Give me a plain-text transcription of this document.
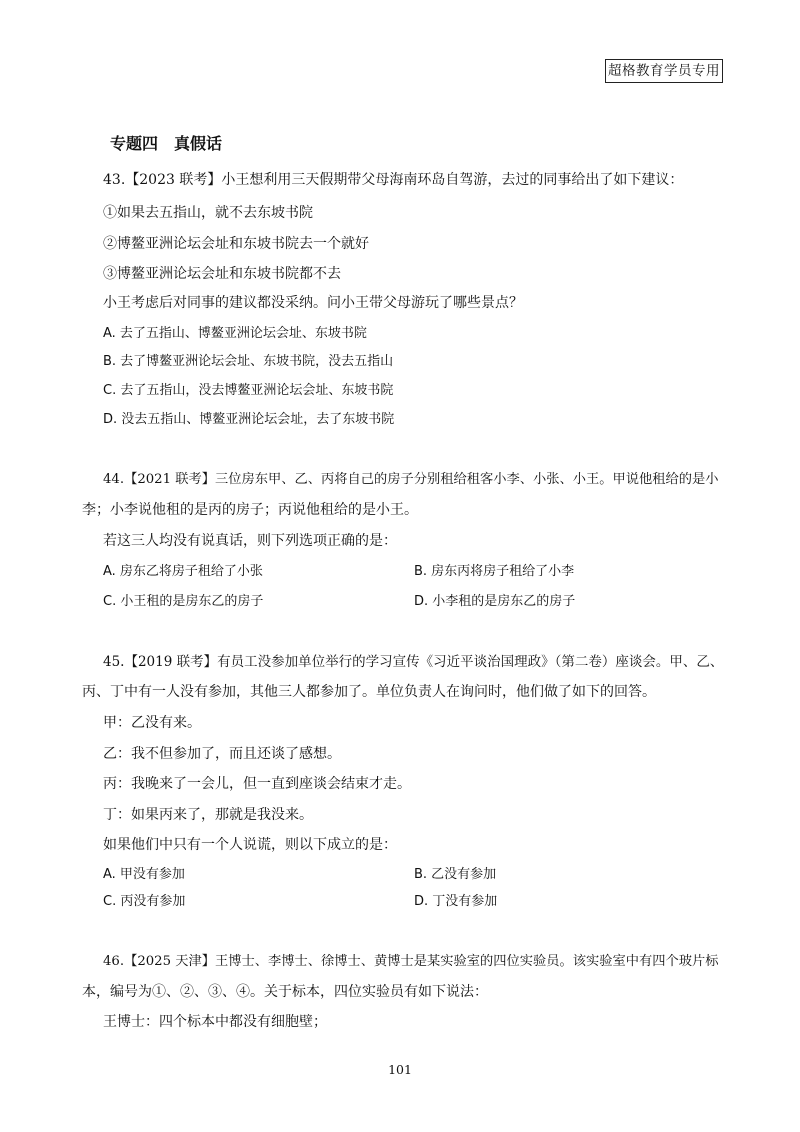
超格教育学员专用
专题四　真假话
43.【2023 联考】小王想利用三天假期带父母海南环岛自驾游，去过的同事给出了如下建议：
①如果去五指山，就不去东坡书院
②博鳌亚洲论坛会址和东坡书院去一个就好
③博鳌亚洲论坛会址和东坡书院都不去
小王考虑后对同事的建议都没采纳。问小王带父母游玩了哪些景点？
A. 去了五指山、博鳌亚洲论坛会址、东坡书院
B. 去了博鳌亚洲论坛会址、东坡书院，没去五指山
C. 去了五指山，没去博鳌亚洲论坛会址、东坡书院
D. 没去五指山、博鳌亚洲论坛会址，去了东坡书院
44.【2021 联考】三位房东甲、乙、丙将自己的房子分别租给租客小李、小张、小王。甲说他租给的是小
李；小李说他租的是丙的房子；丙说他租给的是小王。
若这三人均没有说真话，则下列选项正确的是：
A. 房东乙将房子租给了小张	B. 房东丙将房子租给了小李
C. 小王租的是房东乙的房子	D. 小李租的是房东乙的房子
45.【2019 联考】有员工没参加单位举行的学习宣传《习近平谈治国理政》（第二卷）座谈会。甲、乙、
丙、丁中有一人没有参加，其他三人都参加了。单位负责人在询问时，他们做了如下的回答。
甲：乙没有来。
乙：我不但参加了，而且还谈了感想。
丙：我晚来了一会儿，但一直到座谈会结束才走。
丁：如果丙来了，那就是我没来。
如果他们中只有一个人说谎，则以下成立的是：
A. 甲没有参加	B. 乙没有参加
C. 丙没有参加	D. 丁没有参加
46.【2025 天津】王博士、李博士、徐博士、黄博士是某实验室的四位实验员。该实验室中有四个玻片标
本，编号为①、②、③、④。关于标本，四位实验员有如下说法：
王博士：四个标本中都没有细胞壁；
101
